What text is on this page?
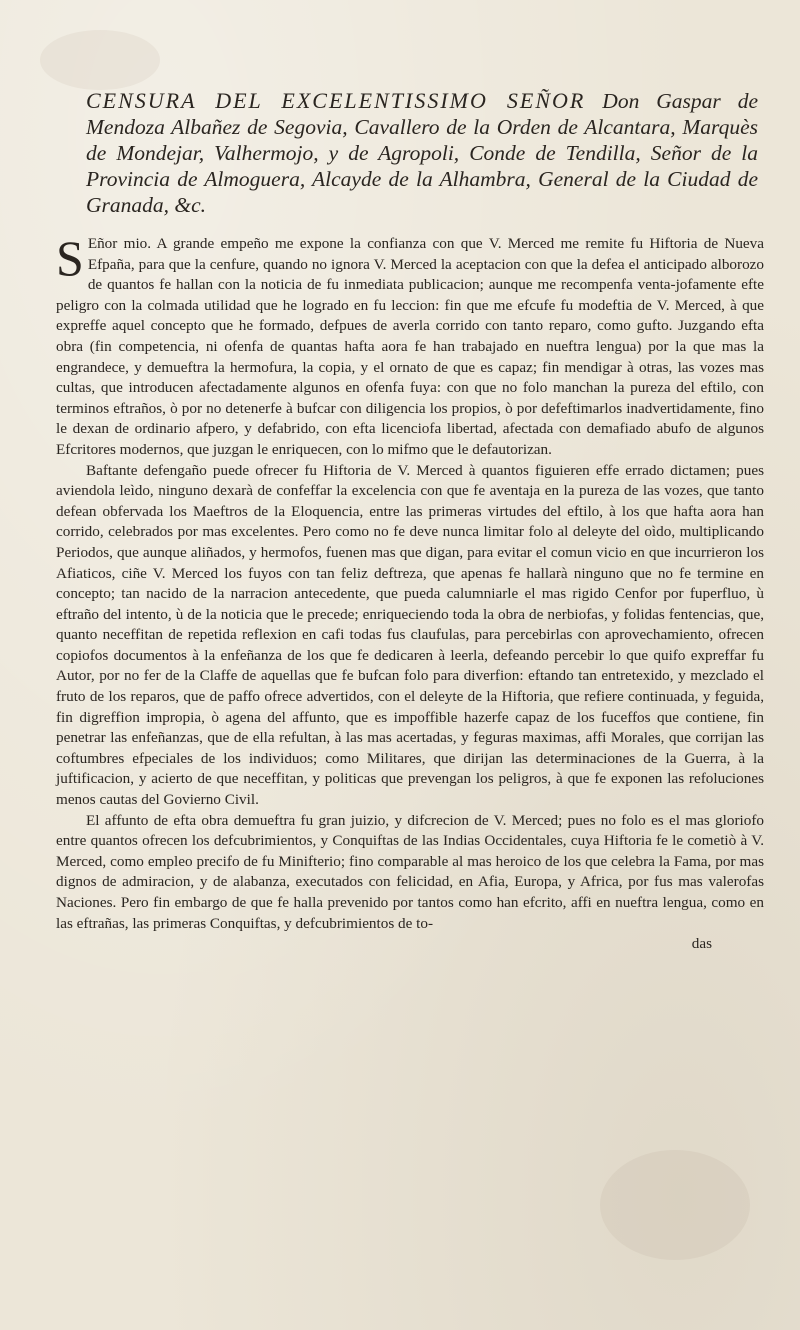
CENSURA DEL EXCELENTISSIMO SEÑOR Don Gaspar de Mendoza Albañez de Segovia, Cavallero de la Orden de Alcantara, Marquès de Mondejar, Valhermojo, y de Agropoli, Conde de Tendilla, Señor de la Provincia de Almoguera, Alcayde de la Alhambra, General de la Ciudad de Granada, &c.

S Eñor mio. A grande empeño me expone la confianza con que V. Merced me remite fu Hiftoria de Nueva Efpaña, para que la cenfure, quando no ignora V. Merced la aceptacion con que la defea el anticipado alborozo de quantos fe hallan con la noticia de fu inmediata publicacion; aunque me recompenfa venta-jofamente efte peligro con la colmada utilidad que he logrado en fu leccion: fin que me efcufe fu modeftia de V. Merced, à que expreffe aquel concepto que he formado, defpues de averla corrido con tanto reparo, como gufto. Juzgando efta obra (fin competencia, ni ofenfa de quantas hafta aora fe han trabajado en nueftra lengua) por la que mas la engrandece, y demueftra la hermofura, la copia, y el ornato de que es capaz; fin mendigar à otras, las vozes mas cultas, que introducen afectadamente algunos en ofenfa fuya: con que no folo manchan la pureza del eftilo, con terminos eftraños, ò por no detenerfe à bufcar con diligencia los propios, ò por defeftimarlos inadvertidamente, fino le dexan de ordinario afpero, y defabrido, con efta licenciofa libertad, afectada con demafiado abufo de algunos Efcritores modernos, que juzgan le enriquecen, con lo mifmo que le defautorizan.

Baftante defengaño puede ofrecer fu Hiftoria de V. Merced à quantos figuieren effe errado dictamen; pues aviendola leìdo, ninguno dexarà de confeffar la excelencia con que fe aventaja en la pureza de las vozes, que tanto defean obfervada los Maeftros de la Eloquencia, entre las primeras virtudes del eftilo, à los que hafta aora han corrido, celebrados por mas excelentes. Pero como no fe deve nunca limitar folo al deleyte del oìdo, multiplicando Periodos, que aunque aliñados, y hermofos, fuenen mas que digan, para evitar el comun vicio en que incurrieron los Afiaticos, ciñe V. Merced los fuyos con tan feliz deftreza, que apenas fe hallarà ninguno que no fe termine en concepto; tan nacido de la narracion antecedente, que pueda calumniarle el mas rigido Cenfor por fuperfluo, ù eftraño del intento, ù de la noticia que le precede; enriqueciendo toda la obra de nerbiofas, y folidas fentencias, que, quanto neceffitan de repetida reflexion en cafi todas fus claufulas, para percebirlas con aprovechamiento, ofrecen copiofos documentos à la enfeñanza de los que fe dedicaren à leerla, defeando percebir lo que quifo expreffar fu Autor, por no fer de la Claffe de aquellas que fe bufcan folo para diverfion: eftando tan entretexido, y mezclado el fruto de los reparos, que de paffo ofrece advertidos, con el deleyte de la Hiftoria, que refiere continuada, y feguida, fin digreffion impropia, ò agena del affunto, que es impoffible hazerfe capaz de los fuceffos que contiene, fin penetrar las enfeñanzas, que de ella refultan, à las mas acertadas, y feguras maximas, affi Morales, que corrijan las coftumbres efpeciales de los individuos; como Militares, que dirijan las determinaciones de la Guerra, à la juftificacion, y acierto de que neceffitan, y politicas que prevengan los peligros, à que fe exponen las refoluciones menos cautas del Govierno Civil.

El affunto de efta obra demueftra fu gran juizio, y difcrecion de V. Merced; pues no folo es el mas gloriofo entre quantos ofrecen los defcubrimientos, y Conquiftas de las Indias Occidentales, cuya Hiftoria fe le cometiò à V. Merced, como empleo precifo de fu Minifterio; fino comparable al mas heroico de los que celebra la Fama, por mas dignos de admiracion, y de alabanza, executados con felicidad, en Afia, Europa, y Africa, por fus mas valerofas Naciones. Pero fin embargo de que fe halla prevenido por tantos como han efcrito, affi en nueftra lengua, como en las eftrañas, las primeras Conquiftas, y defcubrimientos de to-

das
